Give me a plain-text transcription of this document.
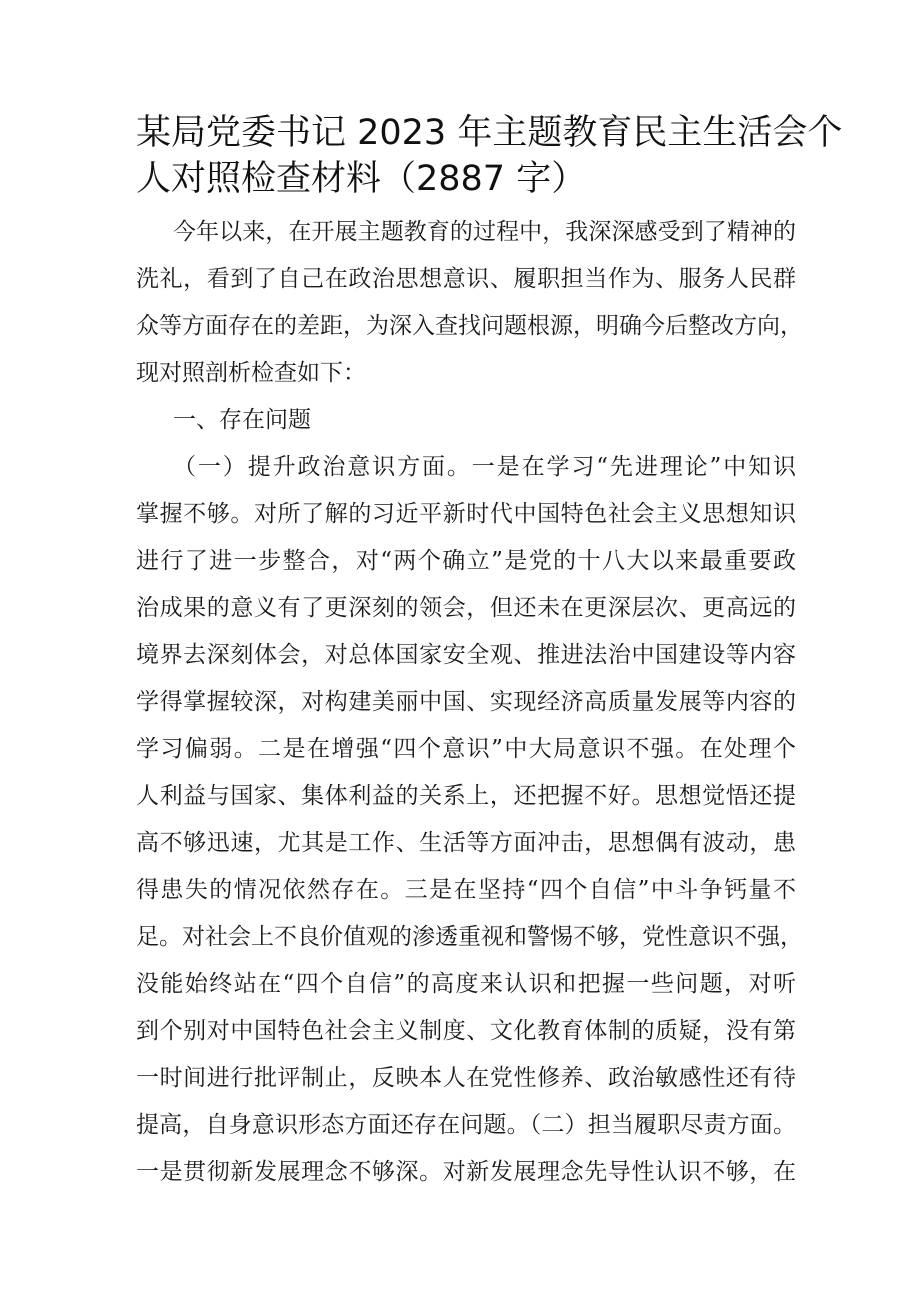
某局党委书记 2023 年主题教育民主生活会个
人对照检查材料（2887 字）
今年以来，在开展主题教育的过程中，我深深感受到了精神的
洗礼，看到了自己在政治思想意识、履职担当作为、服务人民群
众等方面存在的差距，为深入查找问题根源，明确今后整改方向，
现对照剖析检查如下：
一、存在问题
（一）提升政治意识方面。一是在学习“先进理论”中知识
掌握不够。对所了解的习近平新时代中国特色社会主义思想知识
进行了进一步整合，对“两个确立”是党的十八大以来最重要政
治成果的意义有了更深刻的领会，但还未在更深层次、更高远的
境界去深刻体会，对总体国家安全观、推进法治中国建设等内容
学得掌握较深，对构建美丽中国、实现经济高质量发展等内容的
学习偏弱。二是在增强“四个意识”中大局意识不强。在处理个
人利益与国家、集体利益的关系上，还把握不好。思想觉悟还提
高不够迅速，尤其是工作、生活等方面冲击，思想偶有波动，患
得患失的情况依然存在。三是在坚持“四个自信”中斗争钙量不
足。对社会上不良价值观的渗透重视和警惕不够，党性意识不强，
没能始终站在“四个自信”的高度来认识和把握一些问题，对听
到个别对中国特色社会主义制度、文化教育体制的质疑，没有第
一时间进行批评制止，反映本人在党性修养、政治敏感性还有待
提高，自身意识形态方面还存在问题。（二）担当履职尽责方面。
一是贯彻新发展理念不够深。对新发展理念先导性认识不够，在
